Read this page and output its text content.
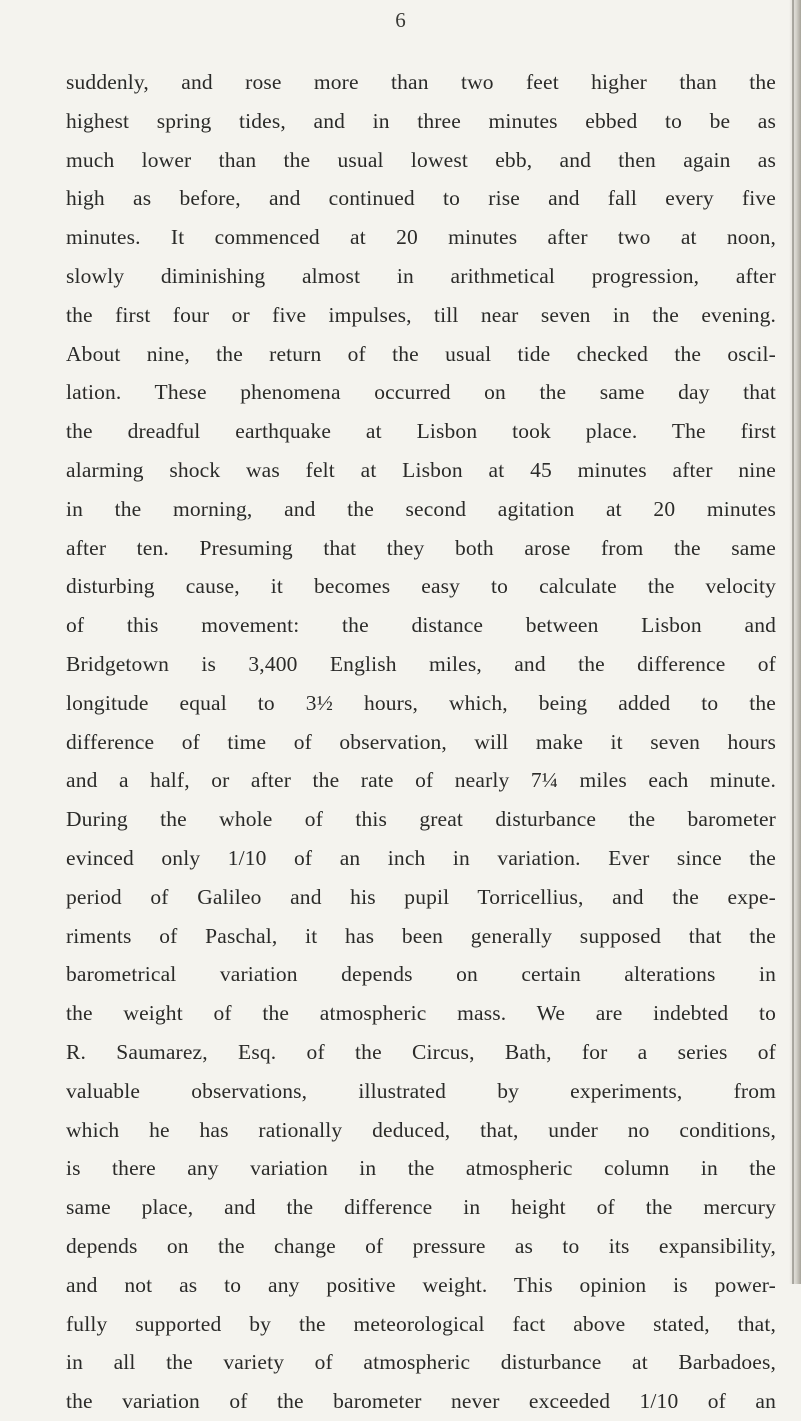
6
suddenly, and rose more than two feet higher than the
highest spring tides, and in three minutes ebbed to be as
much lower than the usual lowest ebb, and then again as
high as before, and continued to rise and fall every five
minutes. It commenced at 20 minutes after two at noon,
slowly diminishing almost in arithmetical progression, after
the first four or five impulses, till near seven in the evening.
About nine, the return of the usual tide checked the oscil-
lation. These phenomena occurred on the same day that
the dreadful earthquake at Lisbon took place. The first
alarming shock was felt at Lisbon at 45 minutes after nine
in the morning, and the second agitation at 20 minutes
after ten. Presuming that they both arose from the same
disturbing cause, it becomes easy to calculate the velocity
of this movement: the distance between Lisbon and
Bridgetown is 3,400 English miles, and the difference of
longitude equal to 3½ hours, which, being added to the
difference of time of observation, will make it seven hours
and a half, or after the rate of nearly 7¼ miles each minute.
During the whole of this great disturbance the barometer
evinced only 1/10 of an inch in variation. Ever since the
period of Galileo and his pupil Torricellius, and the expe-
riments of Paschal, it has been generally supposed that the
barometrical variation depends on certain alterations in
the weight of the atmospheric mass. We are indebted to
R. Saumarez, Esq. of the Circus, Bath, for a series of
valuable observations, illustrated by experiments, from
which he has rationally deduced, that, under no conditions,
is there any variation in the atmospheric column in the
same place, and the difference in height of the mercury
depends on the change of pressure as to its expansibility,
and not as to any positive weight. This opinion is power-
fully supported by the meteorological fact above stated, that,
in all the variety of atmospheric disturbance at Barbadoes,
the variation of the barometer never exceeded 1/10 of an
